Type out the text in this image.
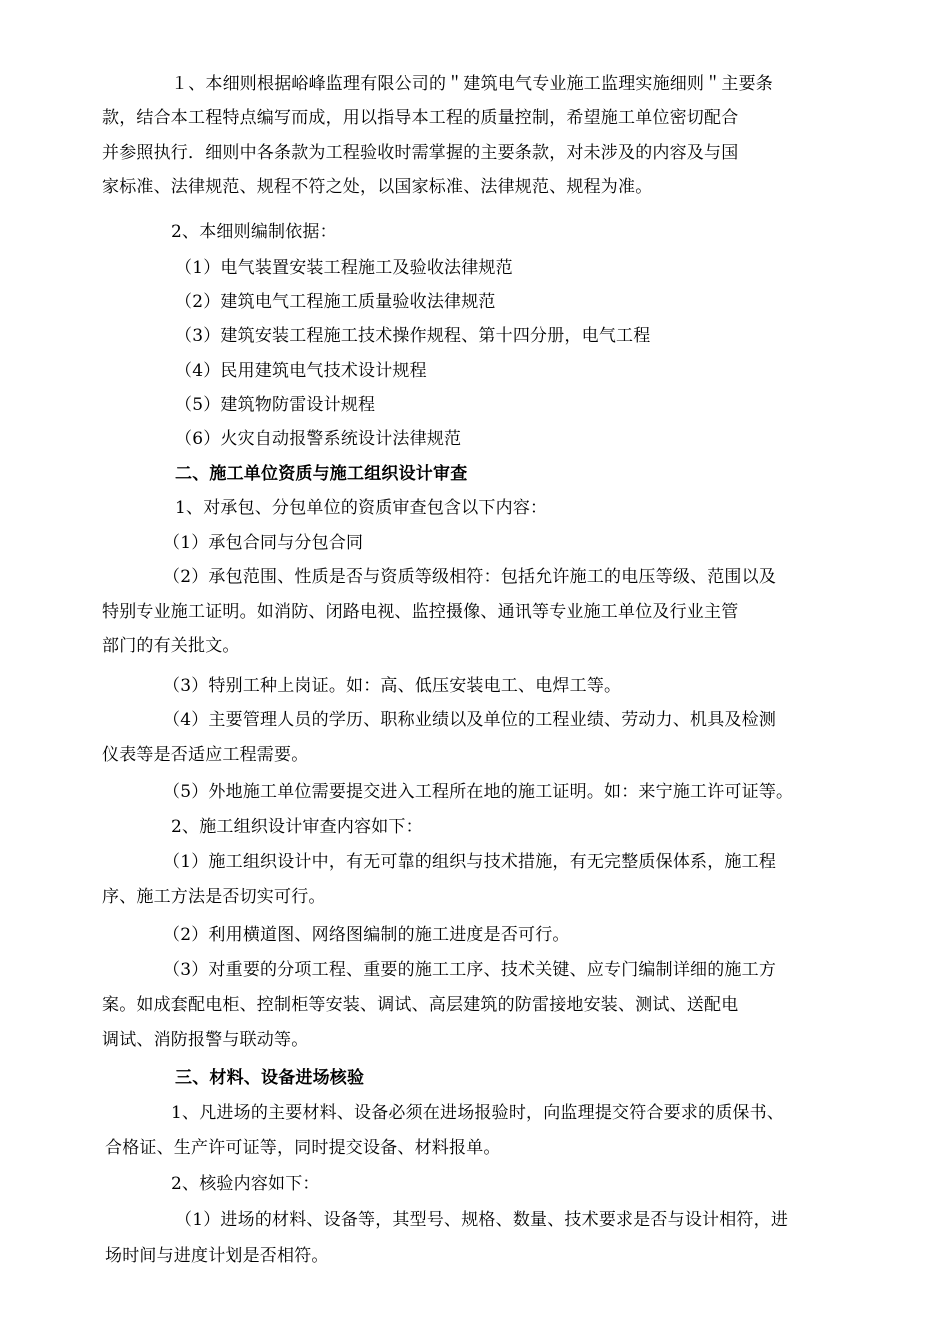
１、本细则根据峪峰监理有限公司的＂建筑电气专业施工监理实施细则＂主要条
款，结合本工程特点编写而成，用以指导本工程的质量控制，希望施工单位密切配合
并参照执行．细则中各条款为工程验收时需掌握的主要条款，对未涉及的内容及与国
家标准、法律规范、规程不符之处，以国家标准、法律规范、规程为准。
2、本细则编制依据：
（1）电气装置安装工程施工及验收法律规范
（2）建筑电气工程施工质量验收法律规范
（3）建筑安装工程施工技术操作规程、第十四分册，电气工程
（4）民用建筑电气技术设计规程
（5）建筑物防雷设计规程
（6）火灾自动报警系统设计法律规范
二、施工单位资质与施工组织设计审查
1、对承包、分包单位的资质审查包含以下内容：
（1）承包合同与分包合同
（2）承包范围、性质是否与资质等级相符：包括允许施工的电压等级、范围以及
特别专业施工证明。如消防、闭路电视、监控摄像、通讯等专业施工单位及行业主管
部门的有关批文。
（3）特别工种上岗证。如：高、低压安装电工、电焊工等。
（4）主要管理人员的学历、职称业绩以及单位的工程业绩、劳动力、机具及检测
仪表等是否适应工程需要。
（5）外地施工单位需要提交进入工程所在地的施工证明。如：来宁施工许可证等。
2、施工组织设计审查内容如下：
（1）施工组织设计中，有无可靠的组织与技术措施，有无完整质保体系，施工程
序、施工方法是否切实可行。
（2）利用横道图、网络图编制的施工进度是否可行。
（3）对重要的分项工程、重要的施工工序、技术关键、应专门编制详细的施工方
案。如成套配电柜、控制柜等安装、调试、高层建筑的防雷接地安装、测试、送配电
调试、消防报警与联动等。
三、材料、设备进场核验
1、凡进场的主要材料、设备必须在进场报验时，向监理提交符合要求的质保书、
合格证、生产许可证等，同时提交设备、材料报单。
2、核验内容如下：
（1）进场的材料、设备等，其型号、规格、数量、技术要求是否与设计相符，进
场时间与进度计划是否相符。
